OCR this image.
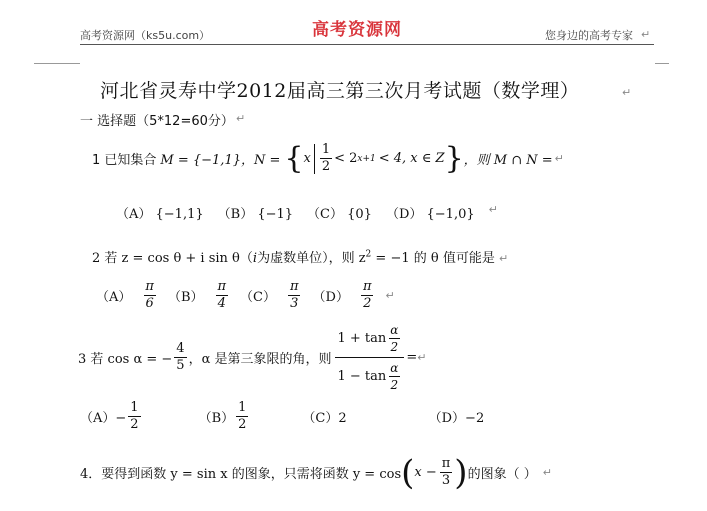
高考资源网（ks5u.com）	高考资源网	您身边的高考专家 ↵
河北省灵寿中学2012届高三第三次月考试题（数学理）	↵
一 选择题（5*12=60分） ↵
1 已知集合 M = {−1,1}，N = { x $\frac{1}{2} < 2$ x+1 < 4, x ∈ Z } ，则 M ∩ N = ↵
（A） {−1,1} （B） {−1} （C） {0} （D） {−1,0} ↵
2 若 z = cos θ + i sin θ（i为虚数单位），则 $z^2 = -1$ 的 θ 值可能是 ↵
$(A) \frac{\pi}{6} (B) \frac{\pi}{4} (C) \frac{\pi}{3} (D) \frac{\pi}{2}$ ↵
3 若 cos α = − $\frac{4}{5}$ ，α 是第三象限的角，则 $\frac{1 + \tan \frac{\alpha}{2}}{1 - \tan \frac{\alpha}{2}}$ = ↵
$(A)- \frac{1}{2}$	$(B) \frac{1}{2}$	（C）2	（D）−2
4．要得到函数 y = sin x 的图象，只需将函数 y = cos ( $x - \frac{\pi}{3}$ ) 的图象（ ） ↵
